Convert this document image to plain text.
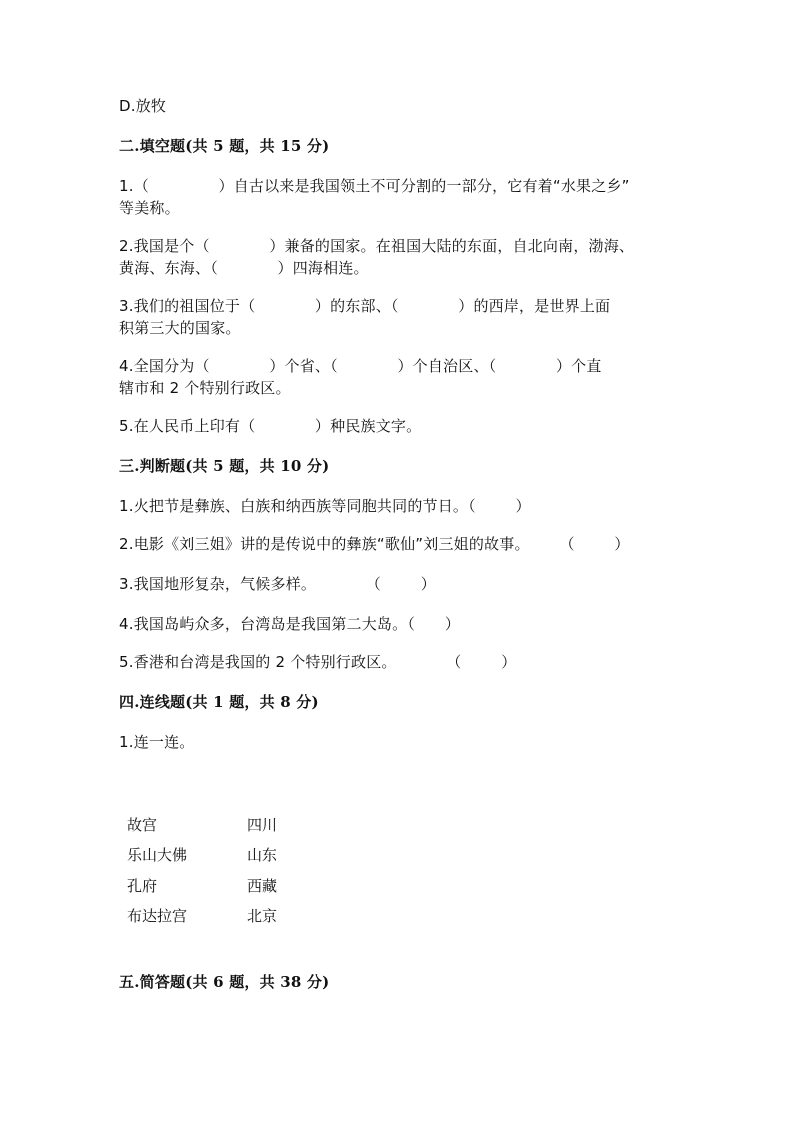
D.放牧
二.填空题(共 5 题，共 15 分)
1.（              ）自古以来是我国领土不可分割的一部分，它有着“水果之乡”
等美称。
2.我国是个（            ）兼备的国家。在祖国大陆的东面，自北向南，渤海、
黄海、东海、（            ）四海相连。
3.我们的祖国位于（            ）的东部、（            ）的西岸，是世界上面
积第三大的国家。
4.全国分为（            ）个省、（            ）个自治区、（            ）个直
辖市和 2 个特别行政区。
5.在人民币上印有（            ）种民族文字。
三.判断题(共 5 题，共 10 分)
1.火把节是彝族、白族和纳西族等同胞共同的节日。（        ）
2.电影《刘三姐》讲的是传说中的彝族“歌仙”刘三姐的故事。      （        ）
3.我国地形复杂，气候多样。          （        ）
4.我国岛屿众多，台湾岛是我国第二大岛。（      ）
5.香港和台湾是我国的 2 个特别行政区。          （        ）
四.连线题(共 1 题，共 8 分)
1.连一连。
故宫	四川
乐山大佛	山东
孔府	西藏
布达拉宫	北京
五.简答题(共 6 题，共 38 分)
